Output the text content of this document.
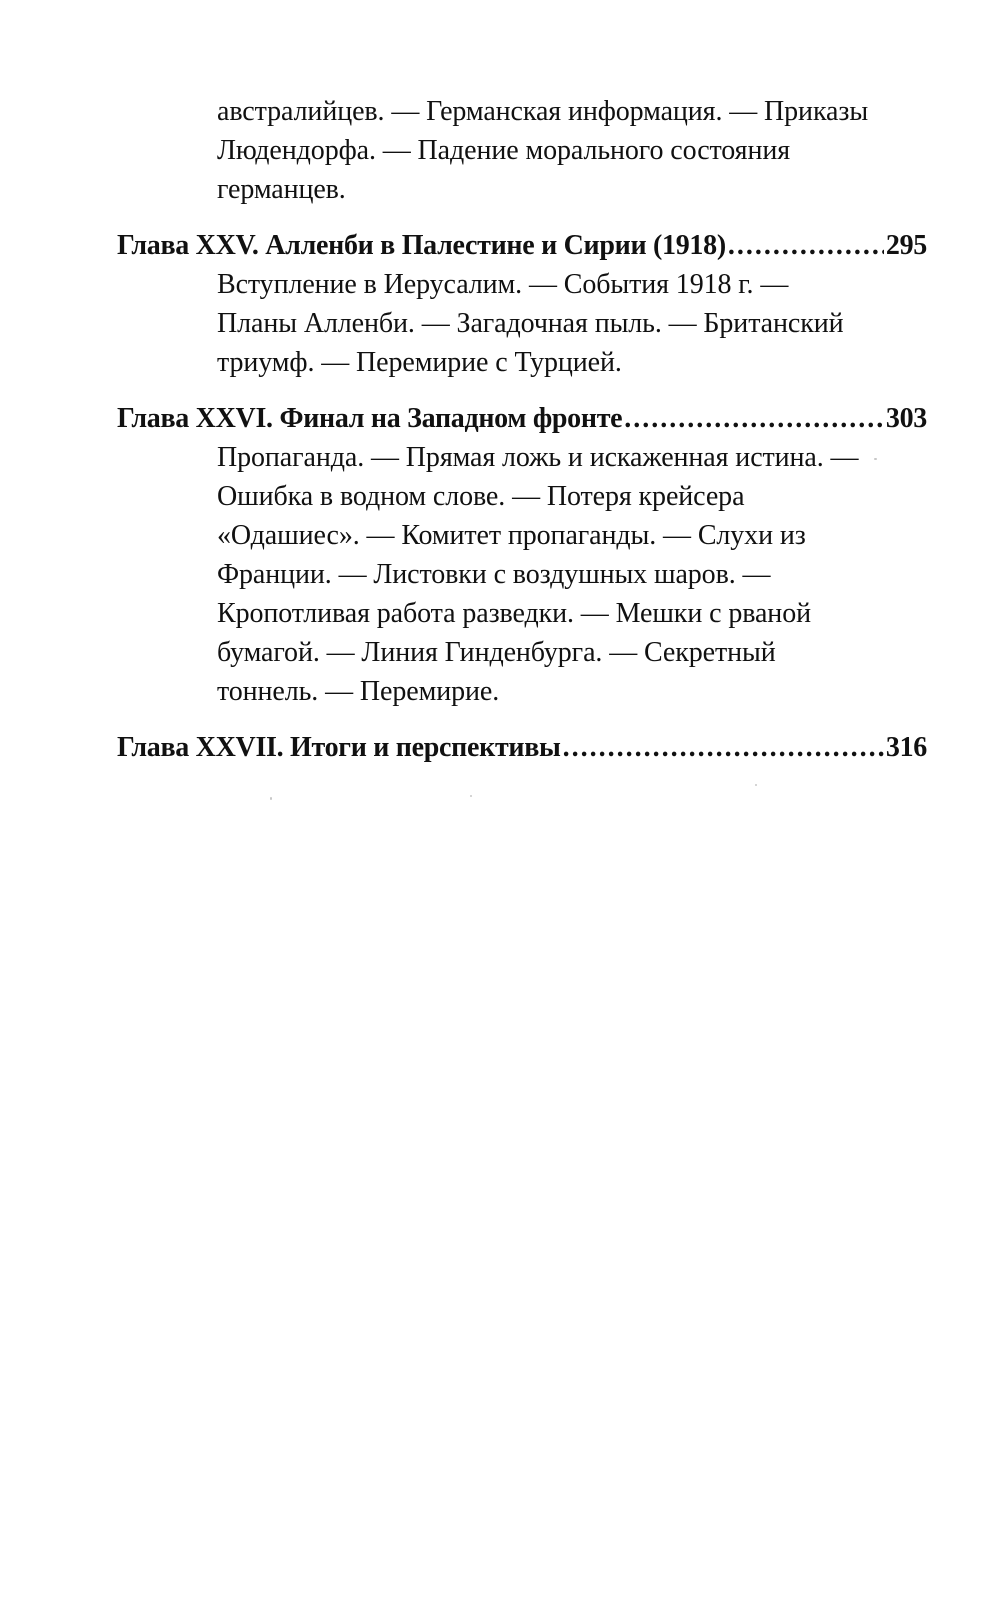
австралийцев. — Германская информация. — Приказы
Людендорфа. — Падение морального состояния
германцев.
Глава XXV. Алленби в Палестине и Сирии (1918) . . .	295
Вступление в Иерусалим. — События 1918 г. —
Планы Алленби. — Загадочная пыль. — Британский
триумф. — Перемирие с Турцией.
Глава XXVI. Финал на Западном фронте . . .	303
Пропаганда. — Прямая ложь и искаженная истина. —
Ошибка в водном слове. — Потеря крейсера
«Одашиес». — Комитет пропаганды. — Слухи из
Франции. — Листовки с воздушных шаров. —
Кропотливая работа разведки. — Мешки с рваной
бумагой. — Линия Гинденбурга. — Секретный
тоннель. — Перемирие.
Глава XXVII. Итоги и перспективы . . .	316
